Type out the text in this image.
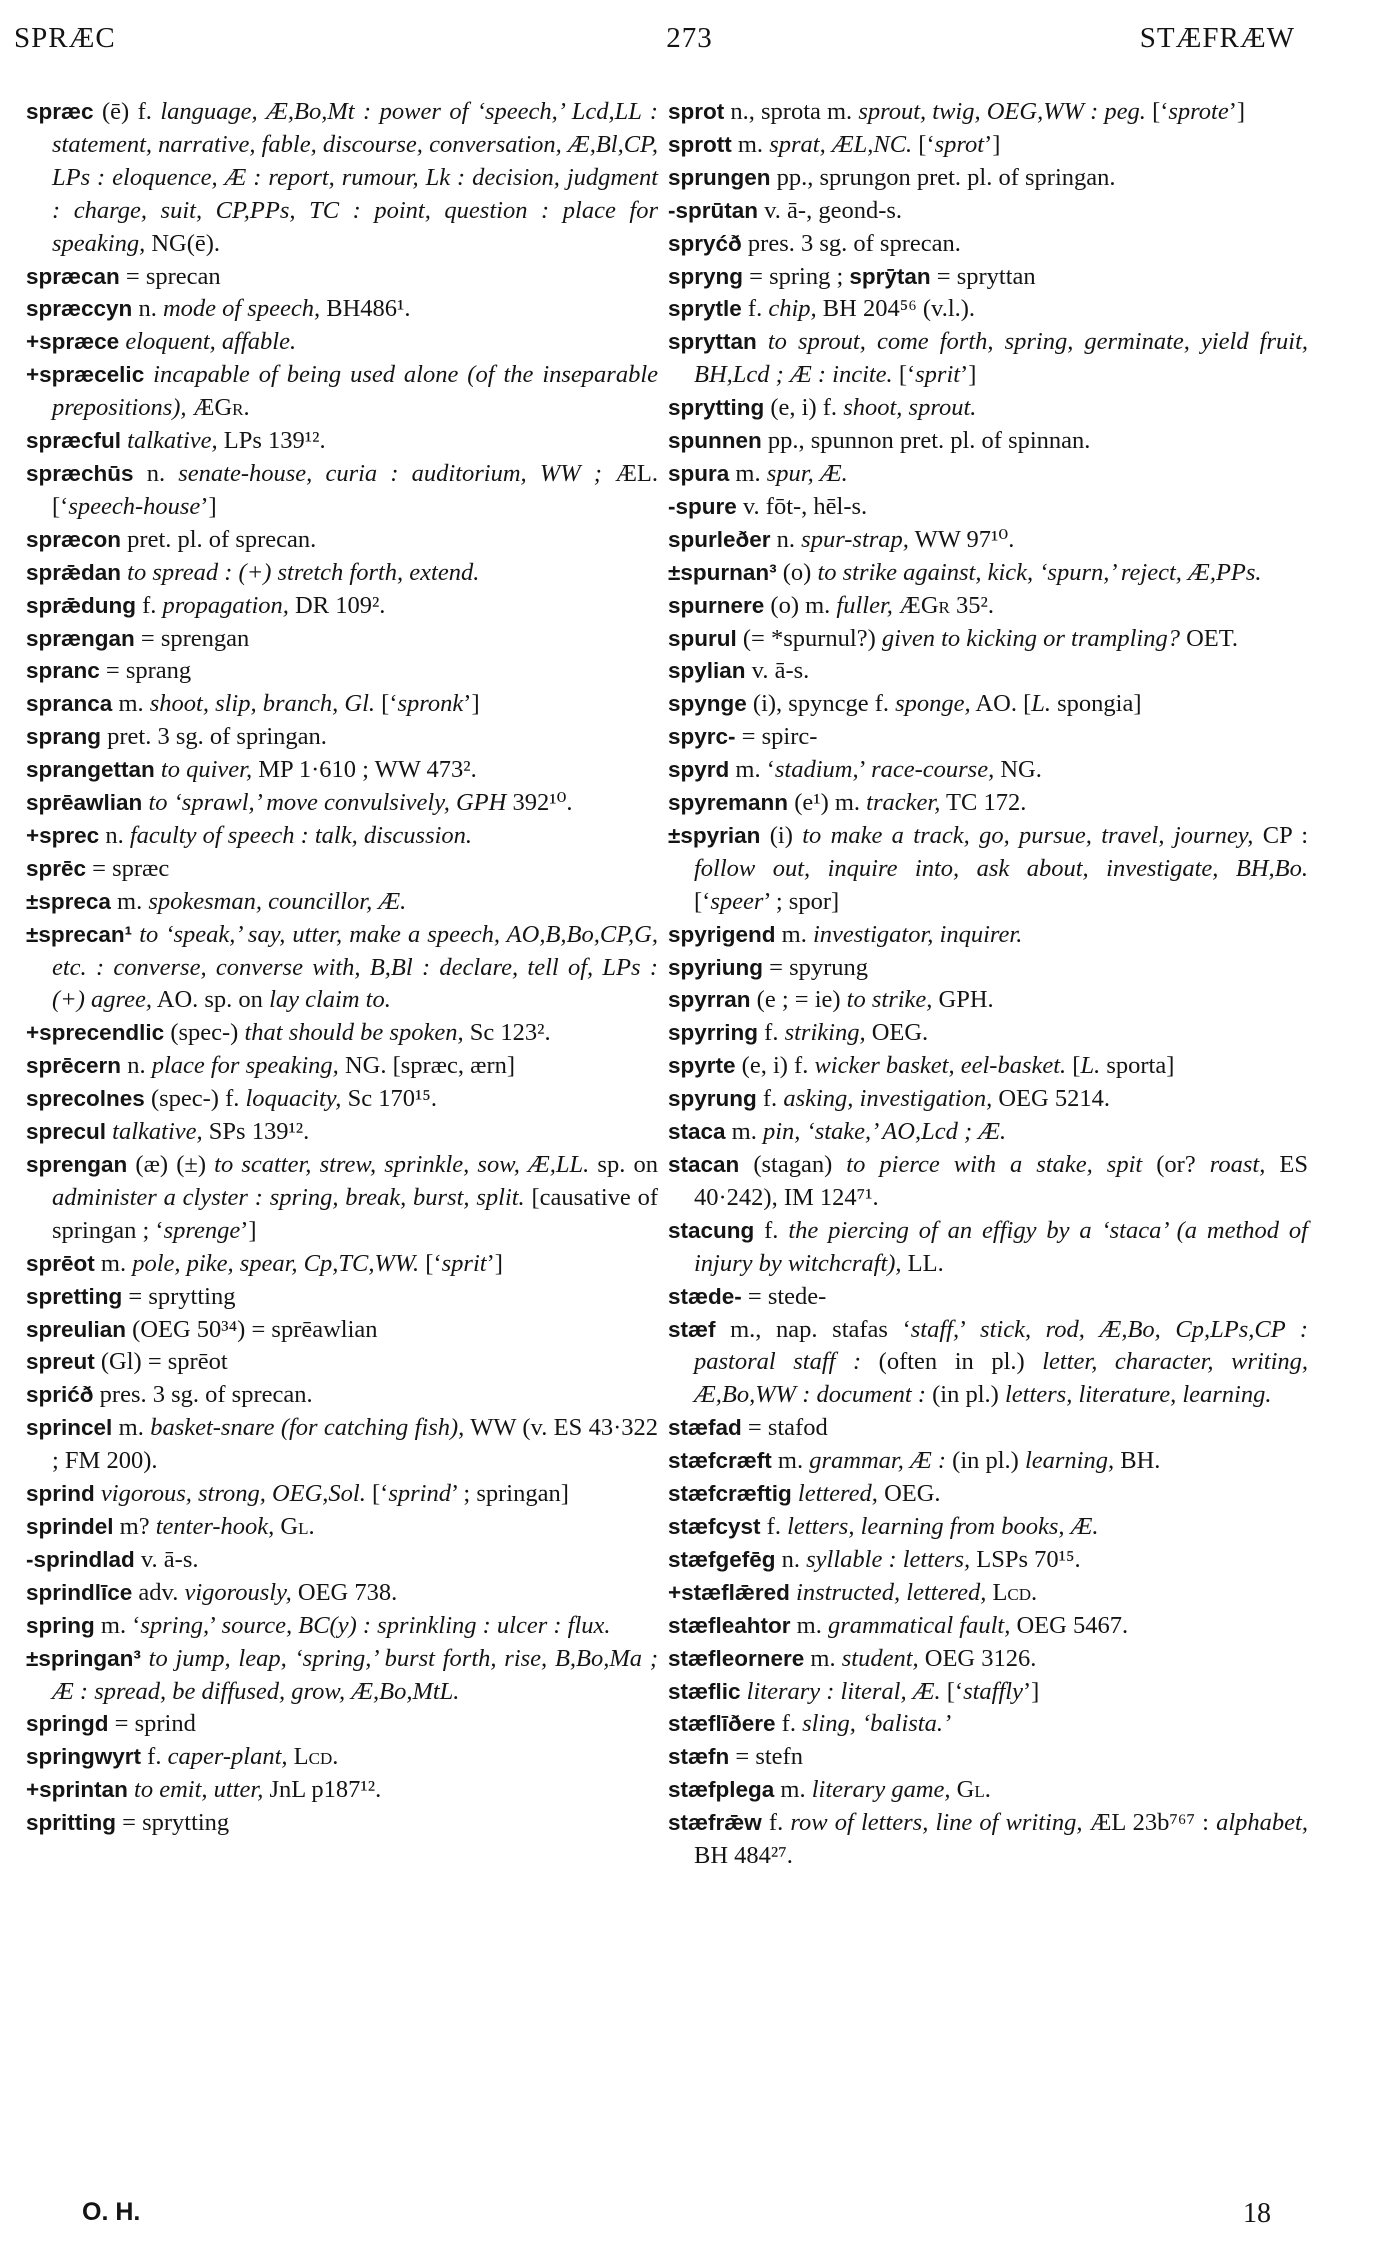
SPRÆC	273	STÆFRÆW

spræc (ē) f. language, Æ,Bo,Mt : power of ‘speech,’ Lcd,LL : statement, narrative, fable, discourse, conversation, Æ,Bl,CP, LPs : eloquence, Æ : report, rumour, Lk : decision, judgment : charge, suit, CP,PPs, TC : point, question : place for speaking, NG(ē).

spræcan = sprecan

spræccyn n. mode of speech, BH486¹.

+spræce eloquent, affable.

+spræcelic incapable of being used alone (of the inseparable prepositions), ÆGr.

spræcful talkative, LPs 139¹².

spræchūs n. senate-house, curia : auditorium, WW ; ÆL. [‘speech-house’]

spræcon pret. pl. of sprecan.

sprǣdan to spread : (+) stretch forth, extend.

sprǣdung f. propagation, DR 109².

sprængan = sprengan

spranc = sprang

spranca m. shoot, slip, branch, Gl. [‘spronk’]

sprang pret. 3 sg. of springan.

sprangettan to quiver, MP 1·610 ; WW 473².

sprēawlian to ‘sprawl,’ move convulsively, GPH 392¹⁰.

+sprec n. faculty of speech : talk, discussion.

sprēc = spræc

±spreca m. spokesman, councillor, Æ.

±sprecan¹ to ‘speak,’ say, utter, make a speech, AO,B,Bo,CP,G, etc. : converse, converse with, B,Bl : declare, tell of, LPs : (+) agree, AO. sp. on lay claim to.

+sprecendlic (spec-) that should be spoken, Sc 123².

sprēcern n. place for speaking, NG. [spræc, ærn]

sprecolnes (spec-) f. loquacity, Sc 170¹⁵.

sprecul talkative, SPs 139¹².

sprengan (æ) (±) to scatter, strew, sprinkle, sow, Æ,LL. sp. on administer a clyster : spring, break, burst, split. [causative of springan ; ‘sprenge’]

sprēot m. pole, pike, spear, Cp,TC,WW. [‘sprit’]

spretting = sprytting

spreulian (OEG 50³⁴) = sprēawlian

spreut (Gl) = sprēot

sprićð pres. 3 sg. of sprecan.

sprincel m. basket-snare (for catching fish), WW (v. ES 43·322 ; FM 200).

sprind vigorous, strong, OEG,Sol. [‘sprind’ ; springan]

sprindel m? tenter-hook, Gl.

-sprindlad v. ā-s.

sprindlīce adv. vigorously, OEG 738.

spring m. ‘spring,’ source, BC(y) : sprinkling : ulcer : flux.

±springan³ to jump, leap, ‘spring,’ burst forth, rise, B,Bo,Ma ; Æ : spread, be diffused, grow, Æ,Bo,MtL.

springd = sprind

springwyrt f. caper-plant, Lcd.

+sprintan to emit, utter, JnL p187¹².

spritting = sprytting

sprot n., sprota m. sprout, twig, OEG,WW : peg. [‘sprote’]

sprott m. sprat, ÆL,NC. [‘sprot’]

sprungen pp., sprungon pret. pl. of springan.

-sprūtan v. ā-, geond-s.

spryćð pres. 3 sg. of sprecan.

spryng = spring ; sprȳtan = spryttan

sprytle f. chip, BH 204⁵⁶ (v.l.).

spryttan to sprout, come forth, spring, germinate, yield fruit, BH,Lcd ; Æ : incite. [‘sprit’]

sprytting (e, i) f. shoot, sprout.

spunnen pp., spunnon pret. pl. of spinnan.

spura m. spur, Æ.

-spure v. fōt-, hēl-s.

spurleðer n. spur-strap, WW 97¹⁰.

±spurnan³ (o) to strike against, kick, ‘spurn,’ reject, Æ,PPs.

spurnere (o) m. fuller, ÆGr 35².

spurul (= *spurnul?) given to kicking or trampling? OET.

spylian v. ā-s.

spynge (i), spyncge f. sponge, AO. [L. spongia]

spyrc- = spirc-

spyrd m. ‘stadium,’ race-course, NG.

spyremann (e¹) m. tracker, TC 172.

±spyrian (i) to make a track, go, pursue, travel, journey, CP : follow out, inquire into, ask about, investigate, BH,Bo. [‘speer’ ; spor]

spyrigend m. investigator, inquirer.

spyriung = spyrung

spyrran (e ; = ie) to strike, GPH.

spyrring f. striking, OEG.

spyrte (e, i) f. wicker basket, eel-basket. [L. sporta]

spyrung f. asking, investigation, OEG 5214.

staca m. pin, ‘stake,’ AO,Lcd ; Æ.

stacan (stagan) to pierce with a stake, spit (or? roast, ES 40·242), IM 124⁷¹.

stacung f. the piercing of an effigy by a ‘staca’ (a method of injury by witchcraft), LL.

stæde- = stede-

stæf m., nap. stafas ‘staff,’ stick, rod, Æ,Bo, Cp,LPs,CP : pastoral staff : (often in pl.) letter, character, writing, Æ,Bo,WW : document : (in pl.) letters, literature, learning.

stæfad = stafod

stæfcræft m. grammar, Æ : (in pl.) learning, BH.

stæfcræftig lettered, OEG.

stæfcyst f. letters, learning from books, Æ.

stæfgefēg n. syllable : letters, LSPs 70¹⁵.

+stæflǣred instructed, lettered, Lcd.

stæfleahtor m. grammatical fault, OEG 5467.

stæfleornere m. student, OEG 3126.

stæflic literary : literal, Æ. [‘staffly’]

stæflīðere f. sling, ‘balista.’

stæfn = stefn

stæfplega m. literary game, Gl.

stæfrǣw f. row of letters, line of writing, ÆL 23b⁷⁶⁷ : alphabet, BH 484²⁷.

O. H.	18
